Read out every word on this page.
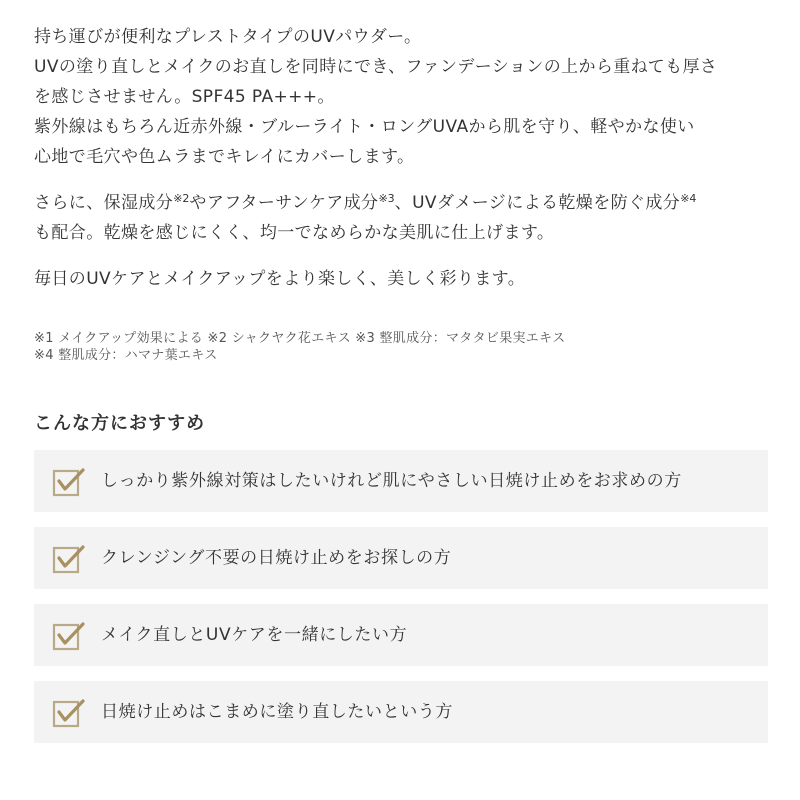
持ち運びが便利なプレストタイプのUVパウダー。
UVの塗り直しとメイクのお直しを同時にでき、ファンデーションの上から重ねても厚さ
を感じさせません。SPF45 PA+++。
紫外線はもちろん近赤外線・ブルーライト・ロングUVAから肌を守り、軽やかな使い
心地で毛穴や色ムラまでキレイにカバーします。
さらに、保湿成分$^{※2}$やアフターサンケア成分$^{※3}$、UVダメージによる乾燥を防ぐ成分$^{※4}$
も配合。乾燥を感じにくく、均一でなめらかな美肌に仕上げます。
毎日のUVケアとメイクアップをより楽しく、美しく彩ります。
※1 メイクアップ効果による ※2 シャクヤク花エキス ※3 整肌成分：マタタビ果実エキス
※4 整肌成分：ハマナ葉エキス
こんな方におすすめ
しっかり紫外線対策はしたいけれど肌にやさしい日焼け止めをお求めの方
クレンジング不要の日焼け止めをお探しの方
メイク直しとUVケアを一緒にしたい方
日焼け止めはこまめに塗り直したいという方
